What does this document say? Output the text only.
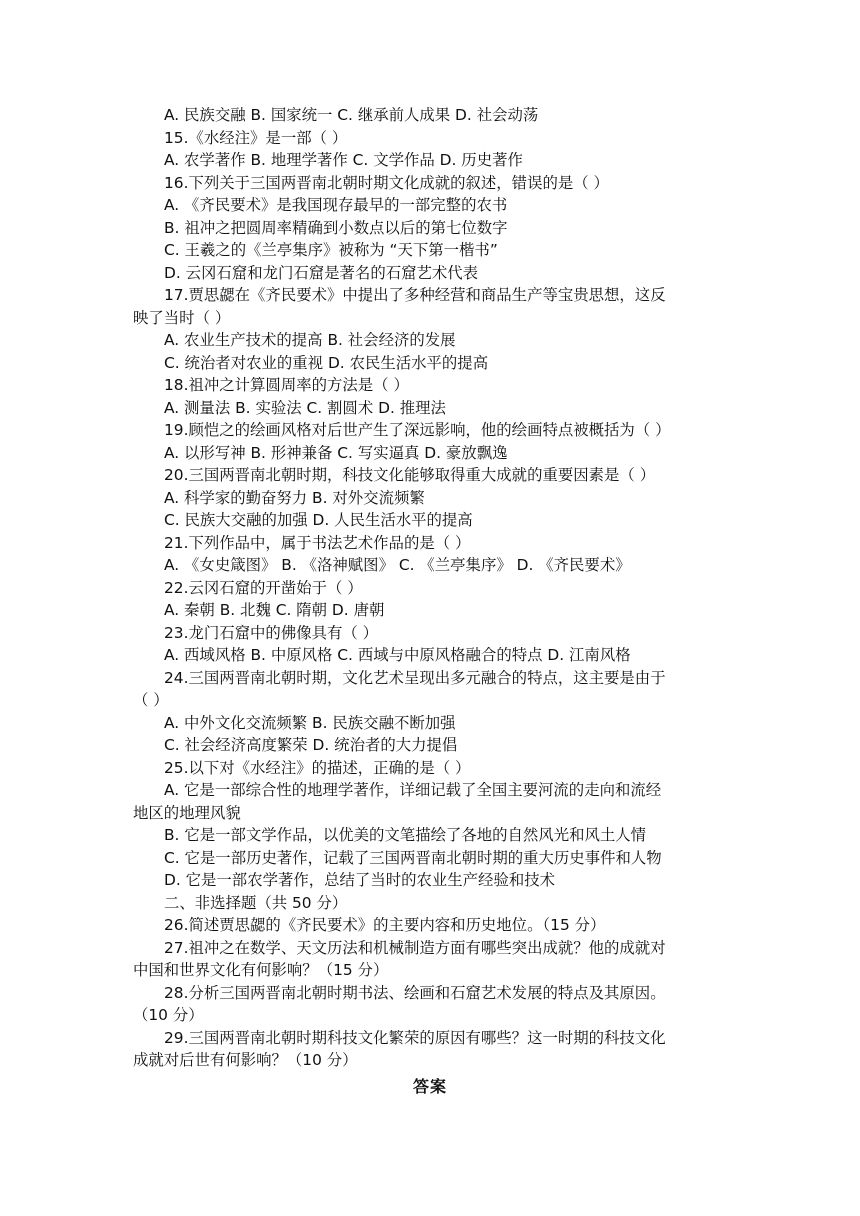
A. 民族交融 B. 国家统一 C. 继承前人成果 D. 社会动荡
15.《水经注》是一部（ ）
A. 农学著作 B. 地理学著作 C. 文学作品 D. 历史著作
16.下列关于三国两晋南北朝时期文化成就的叙述，错误的是（ ）
A. 《齐民要术》是我国现存最早的一部完整的农书
B. 祖冲之把圆周率精确到小数点以后的第七位数字
C. 王羲之的《兰亭集序》被称为 “天下第一楷书”
D. 云冈石窟和龙门石窟是著名的石窟艺术代表
17.贾思勰在《齐民要术》中提出了多种经营和商品生产等宝贵思想，这反
映了当时（ ）
A. 农业生产技术的提高 B. 社会经济的发展
C. 统治者对农业的重视 D. 农民生活水平的提高
18.祖冲之计算圆周率的方法是（ ）
A. 测量法 B. 实验法 C. 割圆术 D. 推理法
19.顾恺之的绘画风格对后世产生了深远影响，他的绘画特点被概括为（ ）
A. 以形写神 B. 形神兼备 C. 写实逼真 D. 豪放飘逸
20.三国两晋南北朝时期，科技文化能够取得重大成就的重要因素是（ ）
A. 科学家的勤奋努力 B. 对外交流频繁
C. 民族大交融的加强 D. 人民生活水平的提高
21.下列作品中，属于书法艺术作品的是（ ）
A. 《女史箴图》 B. 《洛神赋图》 C. 《兰亭集序》 D. 《齐民要术》
22.云冈石窟的开凿始于（ ）
A. 秦朝 B. 北魏 C. 隋朝 D. 唐朝
23.龙门石窟中的佛像具有（ ）
A. 西域风格 B. 中原风格 C. 西域与中原风格融合的特点 D. 江南风格
24.三国两晋南北朝时期，文化艺术呈现出多元融合的特点，这主要是由于
（ ）
A. 中外文化交流频繁 B. 民族交融不断加强
C. 社会经济高度繁荣 D. 统治者的大力提倡
25.以下对《水经注》的描述，正确的是（ ）
A. 它是一部综合性的地理学著作，详细记载了全国主要河流的走向和流经
地区的地理风貌
B. 它是一部文学作品，以优美的文笔描绘了各地的自然风光和风土人情
C. 它是一部历史著作，记载了三国两晋南北朝时期的重大历史事件和人物
D. 它是一部农学著作，总结了当时的农业生产经验和技术
二、非选择题（共 50 分）
26.简述贾思勰的《齐民要术》的主要内容和历史地位。（15 分）
27.祖冲之在数学、天文历法和机械制造方面有哪些突出成就？他的成就对
中国和世界文化有何影响？（15 分）
28.分析三国两晋南北朝时期书法、绘画和石窟艺术发展的特点及其原因。
（10 分）
29.三国两晋南北朝时期科技文化繁荣的原因有哪些？这一时期的科技文化
成就对后世有何影响？（10 分）
答案
